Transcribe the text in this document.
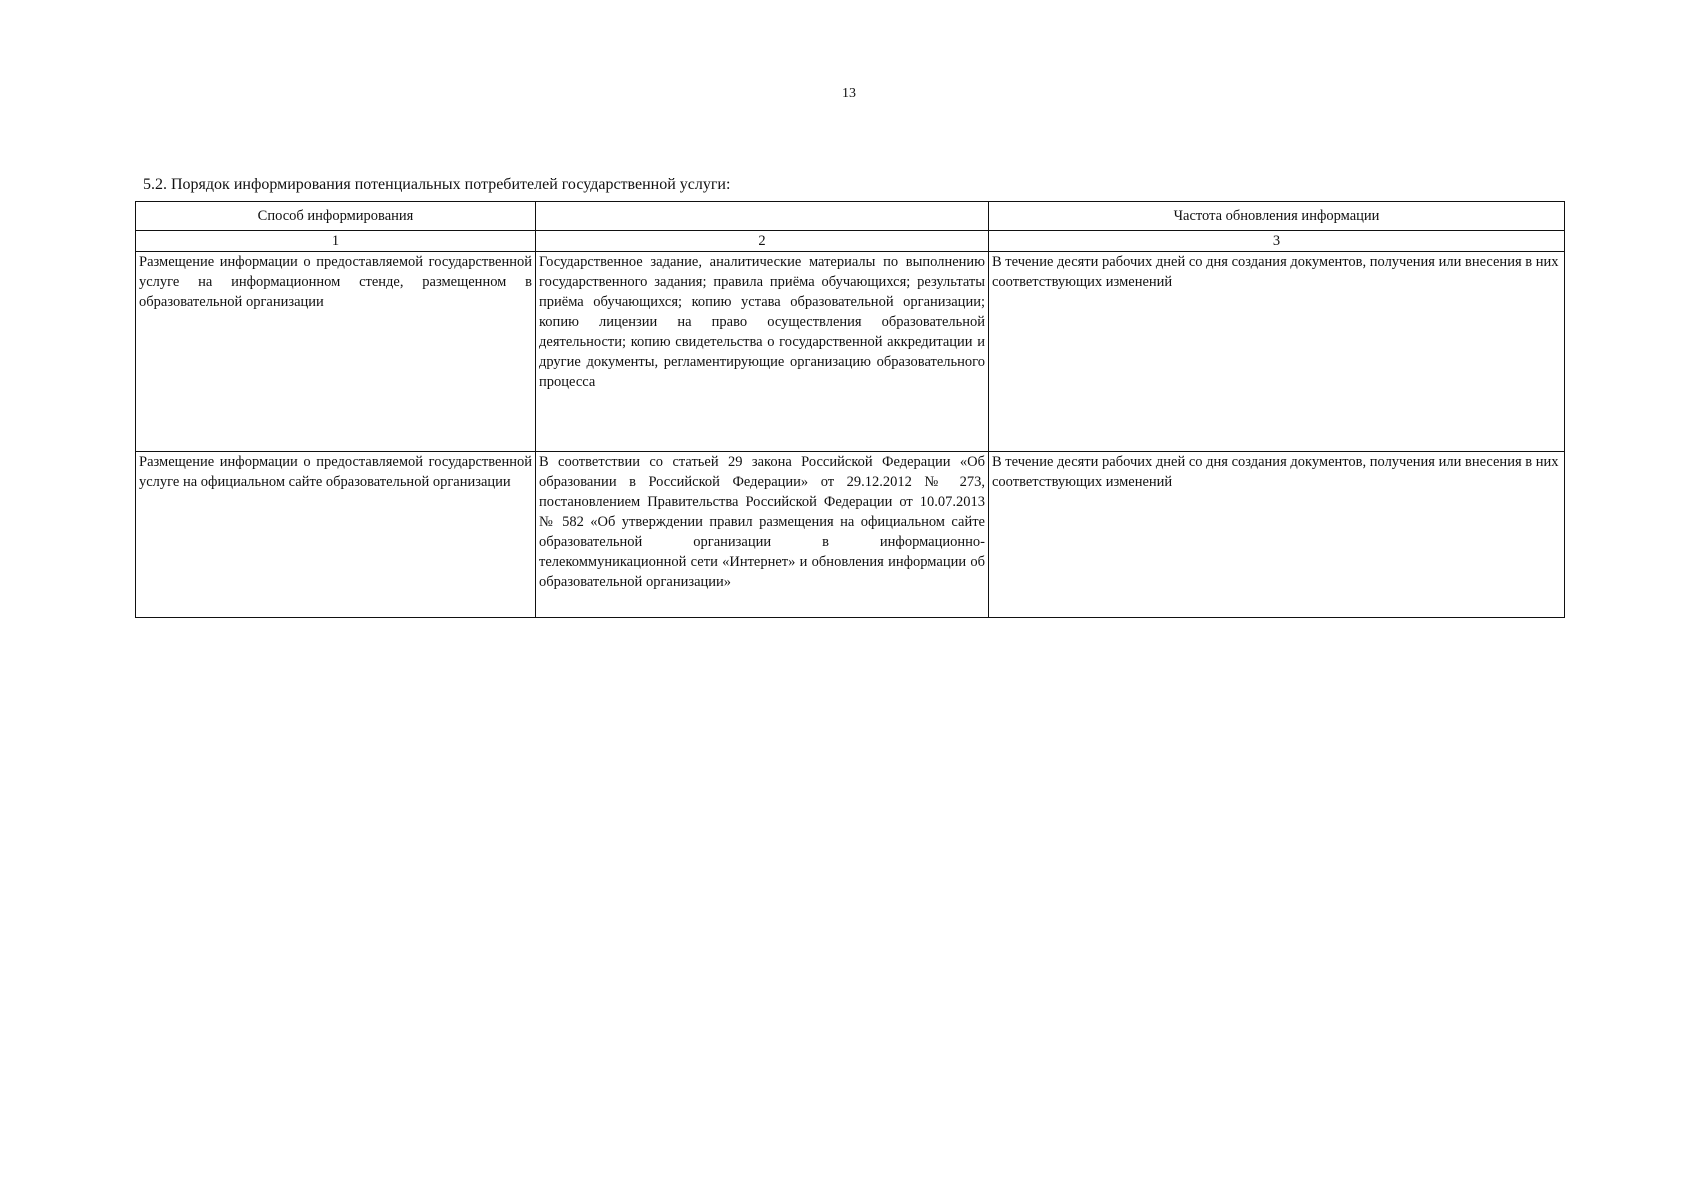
13
5.2. Порядок информирования потенциальных потребителей государственной услуги:
Способ информирования		Частота обновления информации
1	2	3
Размещение информации о предоставляемой государственной услуге на информационном стенде, размещенном в образовательной организации	Государственное задание, аналитические материалы по выполнению государственного задания; правила приёма обучающихся; результаты приёма обучающихся; копию устава образовательной организации; копию лицензии на право осуществления образовательной деятельности; копию свидетельства о государственной аккредитации и другие документы, регламентирующие организацию образовательного процесса	В течение десяти рабочих дней со дня создания документов, получения или внесения в них соответствующих изменений
Размещение информации о предоставляемой государственной услуге на официальном сайте образовательной организации	В соответствии со статьей 29 закона Российской Федерации «Об образовании в Российской Федерации» от 29.12.2012 № 273, постановлением Правительства Российской Федерации от 10.07.2013 № 582 «Об утверждении правил размещения на официальном сайте образовательной организации в информационно-телекоммуникационной сети «Интернет» и обновления информации об образовательной организации»	В течение десяти рабочих дней со дня создания документов, получения или внесения в них соответствующих изменений
